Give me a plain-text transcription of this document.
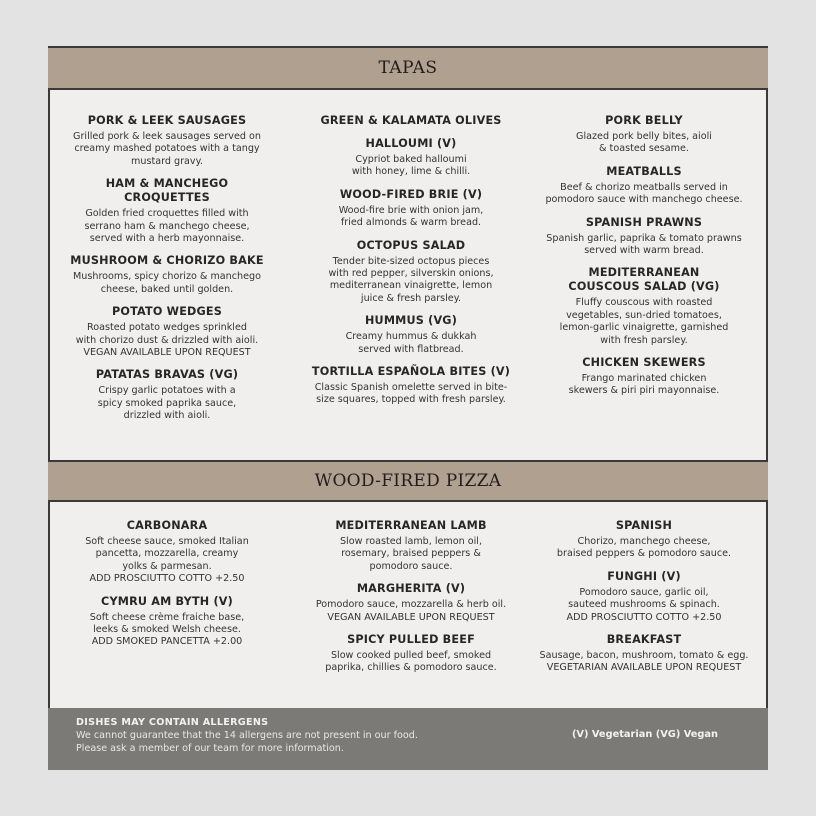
TAPAS
PORK & LEEK SAUSAGES
Grilled pork & leek sausages served on
creamy mashed potatoes with a tangy
mustard gravy.
HAM & MANCHEGO CROQUETTES
Golden fried croquettes filled with
serrano ham & manchego cheese,
served with a herb mayonnaise.
MUSHROOM & CHORIZO BAKE
Mushrooms, spicy chorizo & manchego
cheese, baked until golden.
POTATO WEDGES
Roasted potato wedges sprinkled
with chorizo dust & drizzled with aioli.
VEGAN AVAILABLE UPON REQUEST
PATATAS BRAVAS (VG)
Crispy garlic potatoes with a
spicy smoked paprika sauce,
drizzled with aioli.
GREEN & KALAMATA OLIVES
HALLOUMI (V)
Cypriot baked halloumi
with honey, lime & chilli.
WOOD-FIRED BRIE (V)
Wood-fire brie with onion jam,
fried almonds & warm bread.
OCTOPUS SALAD
Tender bite-sized octopus pieces
with red pepper, silverskin onions,
mediterranean vinaigrette, lemon
juice & fresh parsley.
HUMMUS (VG)
Creamy hummus & dukkah
served with flatbread.
TORTILLA ESPAÑOLA BITES (V)
Classic Spanish omelette served in bite-
size squares, topped with fresh parsley.
PORK BELLY
Glazed pork belly bites, aioli
& toasted sesame.
MEATBALLS
Beef & chorizo meatballs served in
pomodoro sauce with manchego cheese.
SPANISH PRAWNS
Spanish garlic, paprika & tomato prawns
served with warm bread.
MEDITERRANEAN
COUSCOUS SALAD (VG)
Fluffy couscous with roasted
vegetables, sun-dried tomatoes,
lemon-garlic vinaigrette, garnished
with fresh parsley.
CHICKEN SKEWERS
Frango marinated chicken
skewers & piri piri mayonnaise.
WOOD-FIRED PIZZA
CARBONARA
Soft cheese sauce, smoked Italian
pancetta, mozzarella, creamy
yolks & parmesan.
ADD PROSCIUTTO COTTO +2.50
CYMRU AM BYTH (V)
Soft cheese crème fraiche base,
leeks & smoked Welsh cheese.
ADD SMOKED PANCETTA +2.00
MEDITERRANEAN LAMB
Slow roasted lamb, lemon oil,
rosemary, braised peppers &
pomodoro sauce.
MARGHERITA (V)
Pomodoro sauce, mozzarella & herb oil.
VEGAN AVAILABLE UPON REQUEST
SPICY PULLED BEEF
Slow cooked pulled beef, smoked
paprika, chillies & pomodoro sauce.
SPANISH
Chorizo, manchego cheese,
braised peppers & pomodoro sauce.
FUNGHI (V)
Pomodoro sauce, garlic oil,
sauteed mushrooms & spinach.
ADD PROSCIUTTO COTTO +2.50
BREAKFAST
Sausage, bacon, mushroom, tomato & egg.
VEGETARIAN AVAILABLE UPON REQUEST
DISHES MAY CONTAIN ALLERGENS
We cannot guarantee that the 14 allergens are not present in our food.
Please ask a member of our team for more information.
(V) Vegetarian (VG) Vegan
